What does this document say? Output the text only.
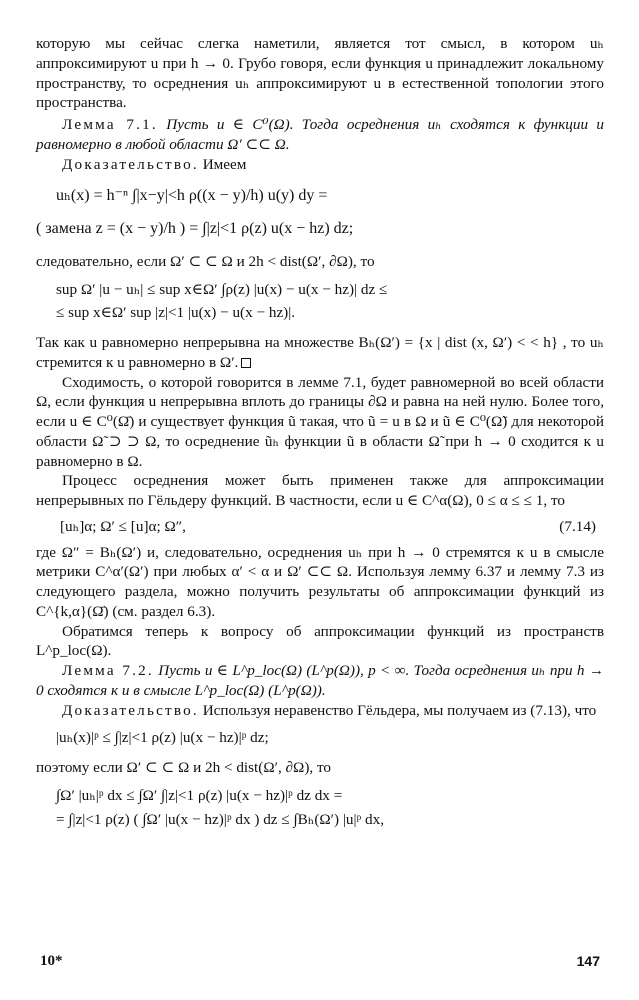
которую мы сейчас слегка наметили, является тот смысл, в котором uₕ аппроксимируют u при h → 0. Грубо говоря, если функция u принадлежит локальному пространству, то осреднения uₕ аппроксимируют u в естественной топологии этого пространства.

Лемма 7.1. Пусть u ∈ C⁰(Ω). Тогда осреднения uₕ сходятся к функции u равномерно в любой области Ω′ ⊂⊂ Ω.

Доказательство. Имеем

uₕ(x) = h⁻ⁿ ∫|x−y|<h ρ((x − y)/h) u(y) dy =
( замена z = (x − y)/h ) = ∫|z|<1 ρ(z) u(x − hz) dz;

следовательно, если Ω′ ⊂ ⊂ Ω и 2h < dist(Ω′, ∂Ω), то

sup Ω′ |u − uₕ| ≤ sup x∈Ω′ ∫ρ(z) |u(x) − u(x − hz)| dz ≤
≤ sup x∈Ω′ sup |z|<1 |u(x) − u(x − hz)|.

Так как u равномерно непрерывна на множестве Bₕ(Ω′) = {x | dist (x, Ω′) < < h} , то uₕ стремится к u равномерно в Ω′.

Сходимость, о которой говорится в лемме 7.1, будет равномерной во всей области Ω, если функция u непрерывна вплоть до границы ∂Ω и равна на ней нулю. Более того, если u ∈ C⁰(Ω̄) и существует функция ũ такая, что ũ = u в Ω и ũ ∈ C⁰(Ω̃) для некоторой области Ω̃ ⊃ ⊃ Ω, то осреднение ũₕ функции ũ в области Ω̃ при h → 0 сходится к u равномерно в Ω.

Процесс осреднения может быть применен также для аппроксимации непрерывных по Гёльдеру функций. В частности, если u ∈ C^α(Ω), 0 ≤ α ≤ ≤ 1, то

[uₕ]α; Ω′ ≤ [u]α; Ω″,	(7.14)

где Ω″ = Bₕ(Ω′) и, следовательно, осреднения uₕ при h → 0 стремятся к u в смысле метрики C^α′(Ω′) при любых α′ < α и Ω′ ⊂⊂ Ω. Используя лемму 6.37 и лемму 7.3 из следующего раздела, можно получить результаты об аппроксимации функций из C^{k,α}(Ω̄) (см. раздел 6.3).

Обратимся теперь к вопросу об аппроксимации функций из пространств L^p_loc(Ω).

Лемма 7.2. Пусть u ∈ L^p_loc(Ω) (L^p(Ω)), p < ∞. Тогда осреднения uₕ при h → 0 сходятся к u в смысле L^p_loc(Ω) (L^p(Ω)).

Доказательство. Используя неравенство Гёльдера, мы получаем из (7.13), что

|uₕ(x)|ᵖ ≤ ∫|z|<1 ρ(z) |u(x − hz)|ᵖ dz;

поэтому если Ω′ ⊂ ⊂ Ω и 2h < dist(Ω′, ∂Ω), то

∫Ω′ |uₕ|ᵖ dx ≤ ∫Ω′ ∫|z|<1 ρ(z) |u(x − hz)|ᵖ dz dx =
= ∫|z|<1 ρ(z) ( ∫Ω′ |u(x − hz)|ᵖ dx ) dz ≤ ∫Bₕ(Ω′) |u|ᵖ dx,
10*	147
